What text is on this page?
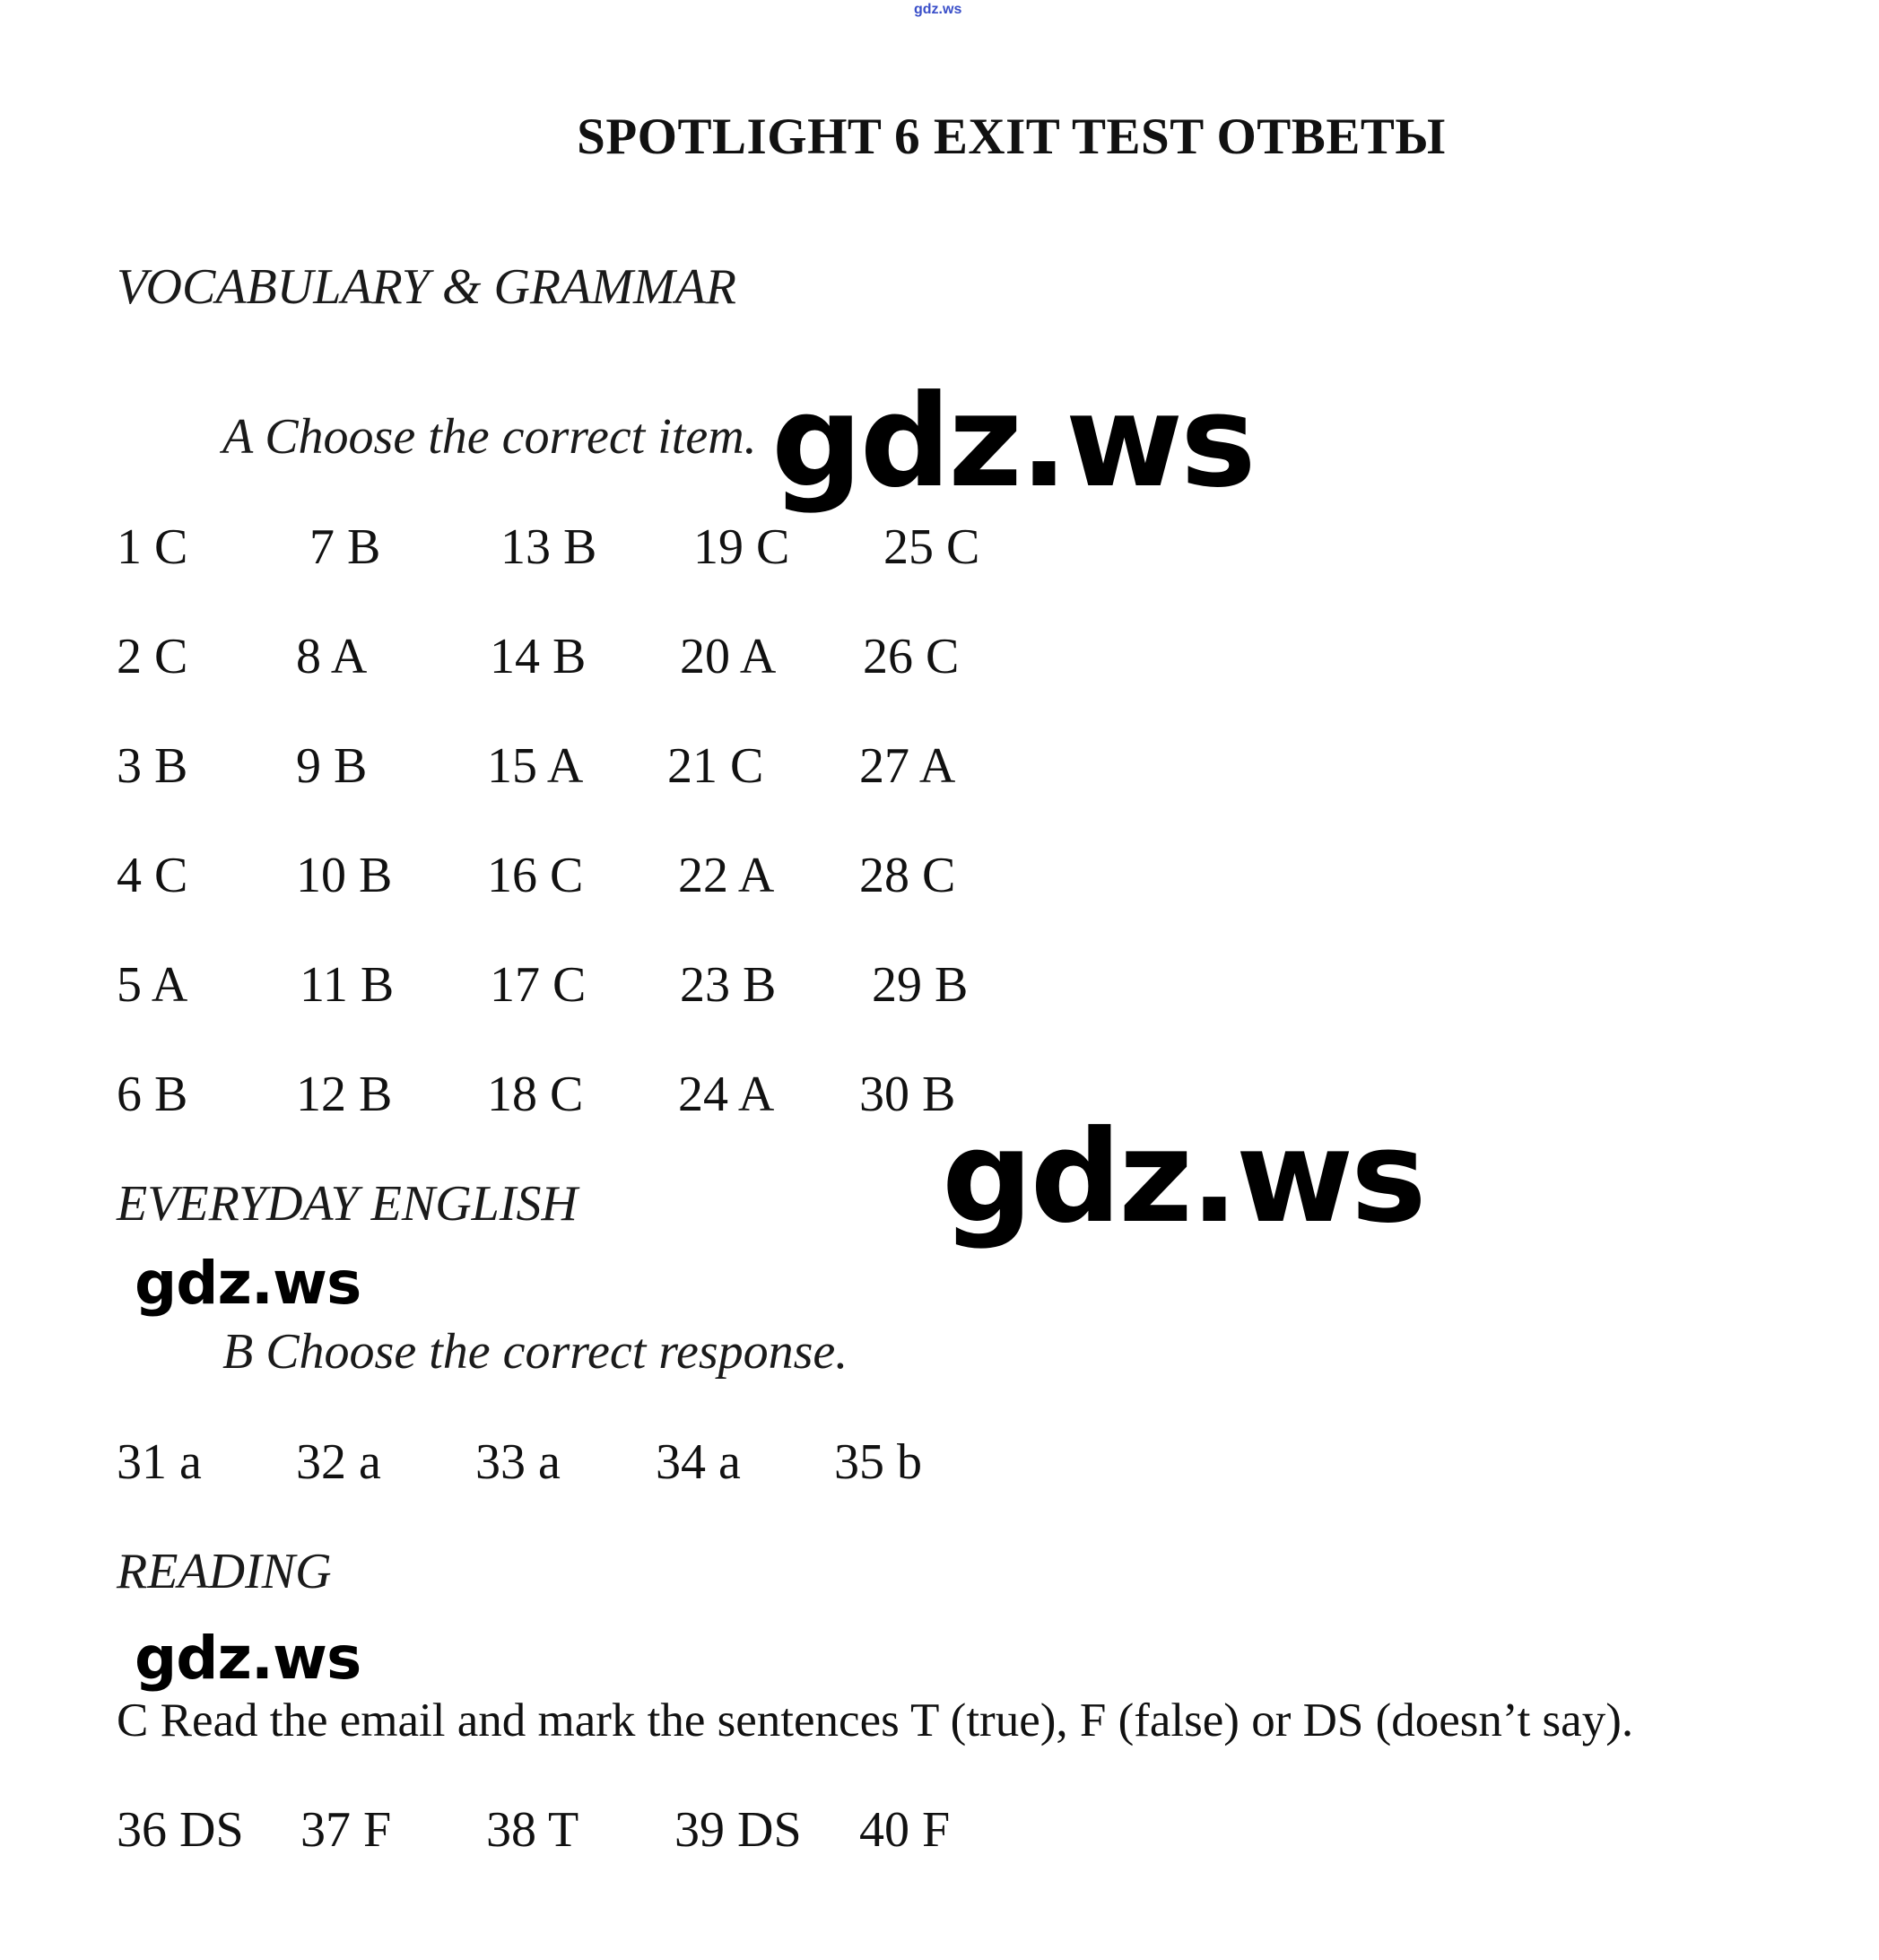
gdz.ws
SPOTLIGHT 6 EXIT TEST ОТВЕТЫ
VOCABULARY & GRAMMAR
A Choose the correct item.
1 C 7 B 13 B 19 C 25 C
2 C 8 A 14 B 20 A 26 C
3 B 9 B 15 A 21 C 27 A
4 C 10 B 16 C 22 A 28 C
5 A 11 B 17 C 23 B 29 B
6 B 12 B 18 C 24 A 30 B
EVERYDAY ENGLISH
B Choose the correct response.
31 a 32 a 33 a 34 a 35 b
READING
C Read the email and mark the sentences T (true), F (false) or DS (doesn’t say).
36 DS 37 F 38 T 39 DS 40 F
gdz.ws
gdz.ws
gdz.ws
gdz.ws
